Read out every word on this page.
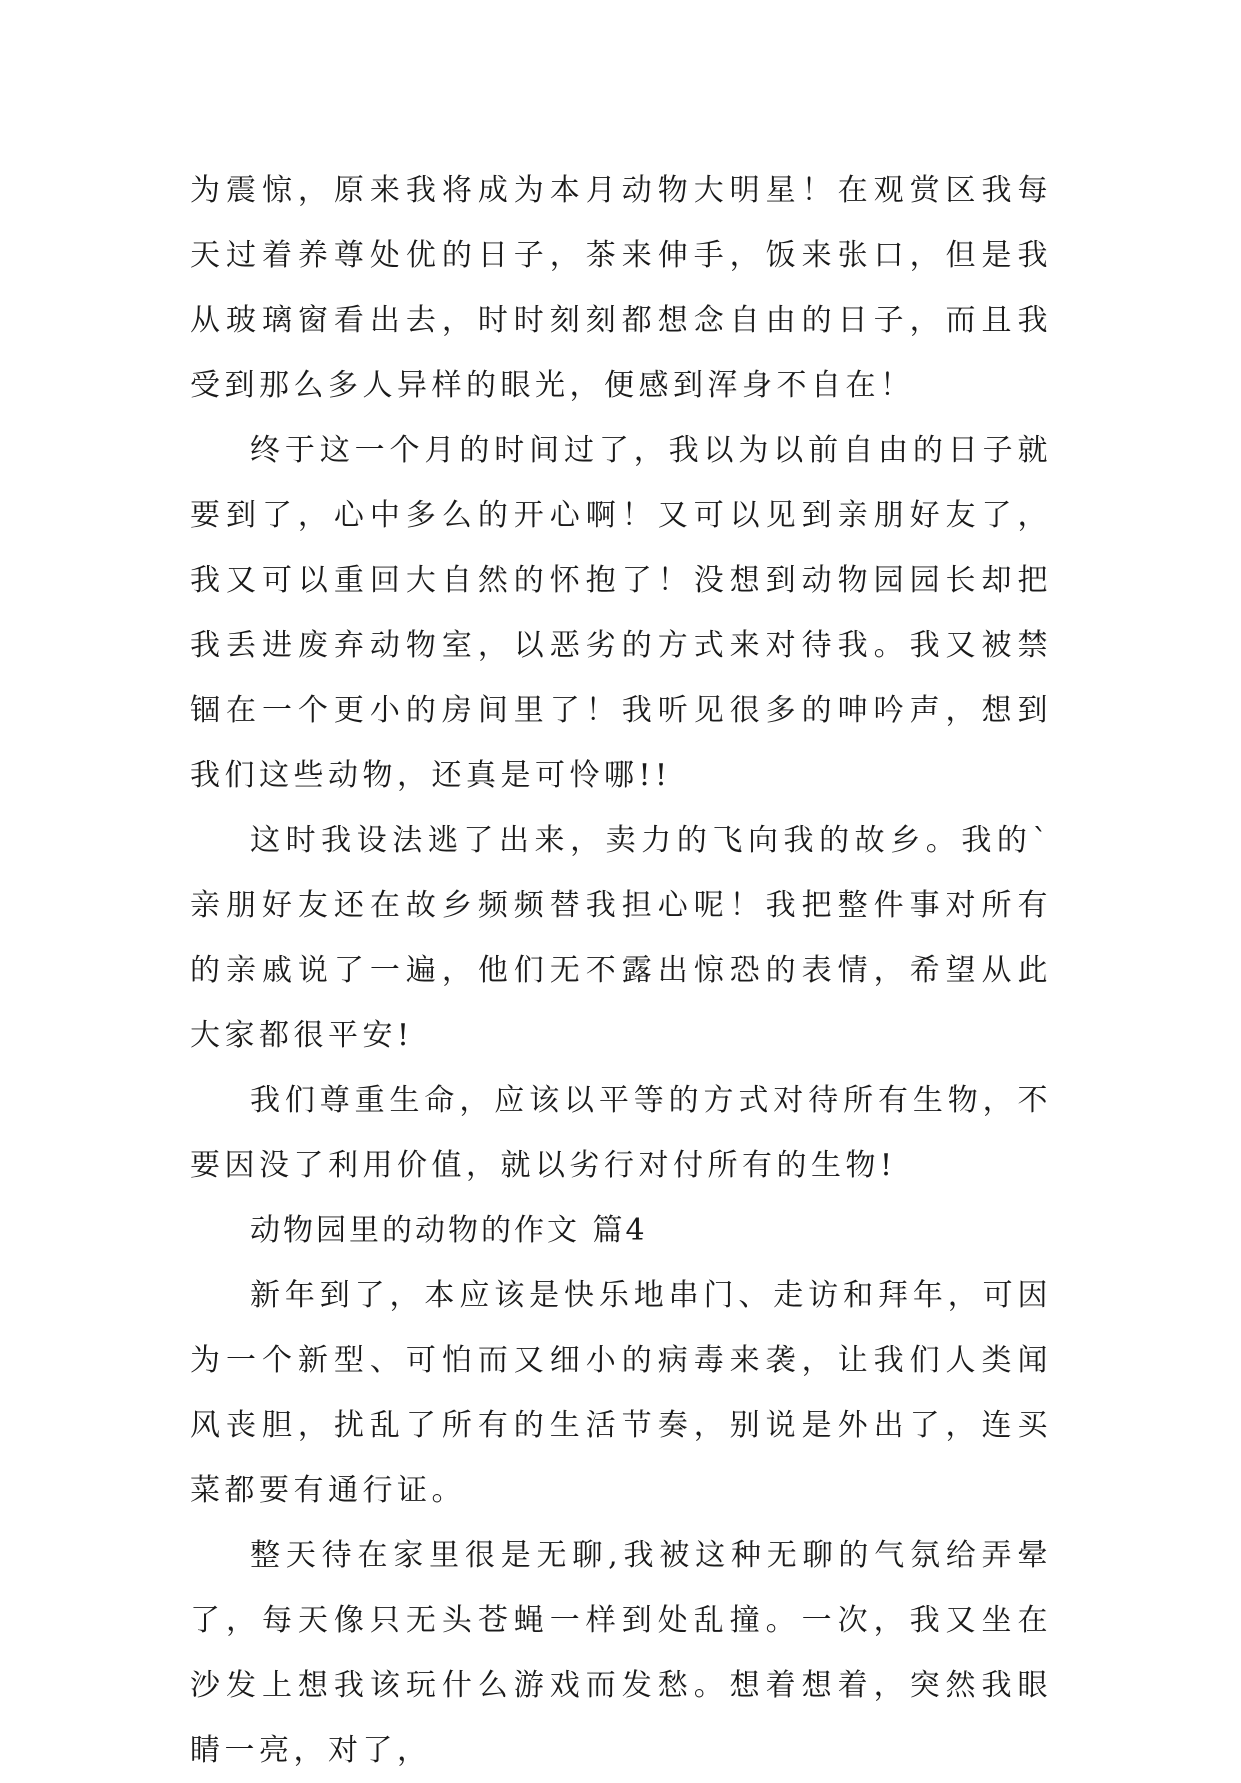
为震惊，原来我将成为本月动物大明星！在观赏区我每天过着养尊处优的日子，茶来伸手，饭来张口，但是我从玻璃窗看出去，时时刻刻都想念自由的日子，而且我受到那么多人异样的眼光，便感到浑身不自在！

终于这一个月的时间过了，我以为以前自由的日子就要到了，心中多么的开心啊！又可以见到亲朋好友了，我又可以重回大自然的怀抱了！没想到动物园园长却把我丢进废弃动物室，以恶劣的方式来对待我。我又被禁锢在一个更小的房间里了！我听见很多的呻吟声，想到我们这些动物，还真是可怜哪!!

这时我设法逃了出来，卖力的飞向我的故乡。我的`亲朋好友还在故乡频频替我担心呢！我把整件事对所有的亲戚说了一遍，他们无不露出惊恐的表情，希望从此大家都很平安!

我们尊重生命，应该以平等的方式对待所有生物，不要因没了利用价值，就以劣行对付所有的生物!

动物园里的动物的作文 篇4

新年到了，本应该是快乐地串门、走访和拜年，可因为一个新型、可怕而又细小的病毒来袭，让我们人类闻风丧胆，扰乱了所有的生活节奏，别说是外出了，连买菜都要有通行证。

整天待在家里很是无聊,我被这种无聊的气氛给弄晕了，每天像只无头苍蝇一样到处乱撞。一次，我又坐在沙发上想我该玩什么游戏而发愁。想着想着，突然我眼睛一亮，对了，
